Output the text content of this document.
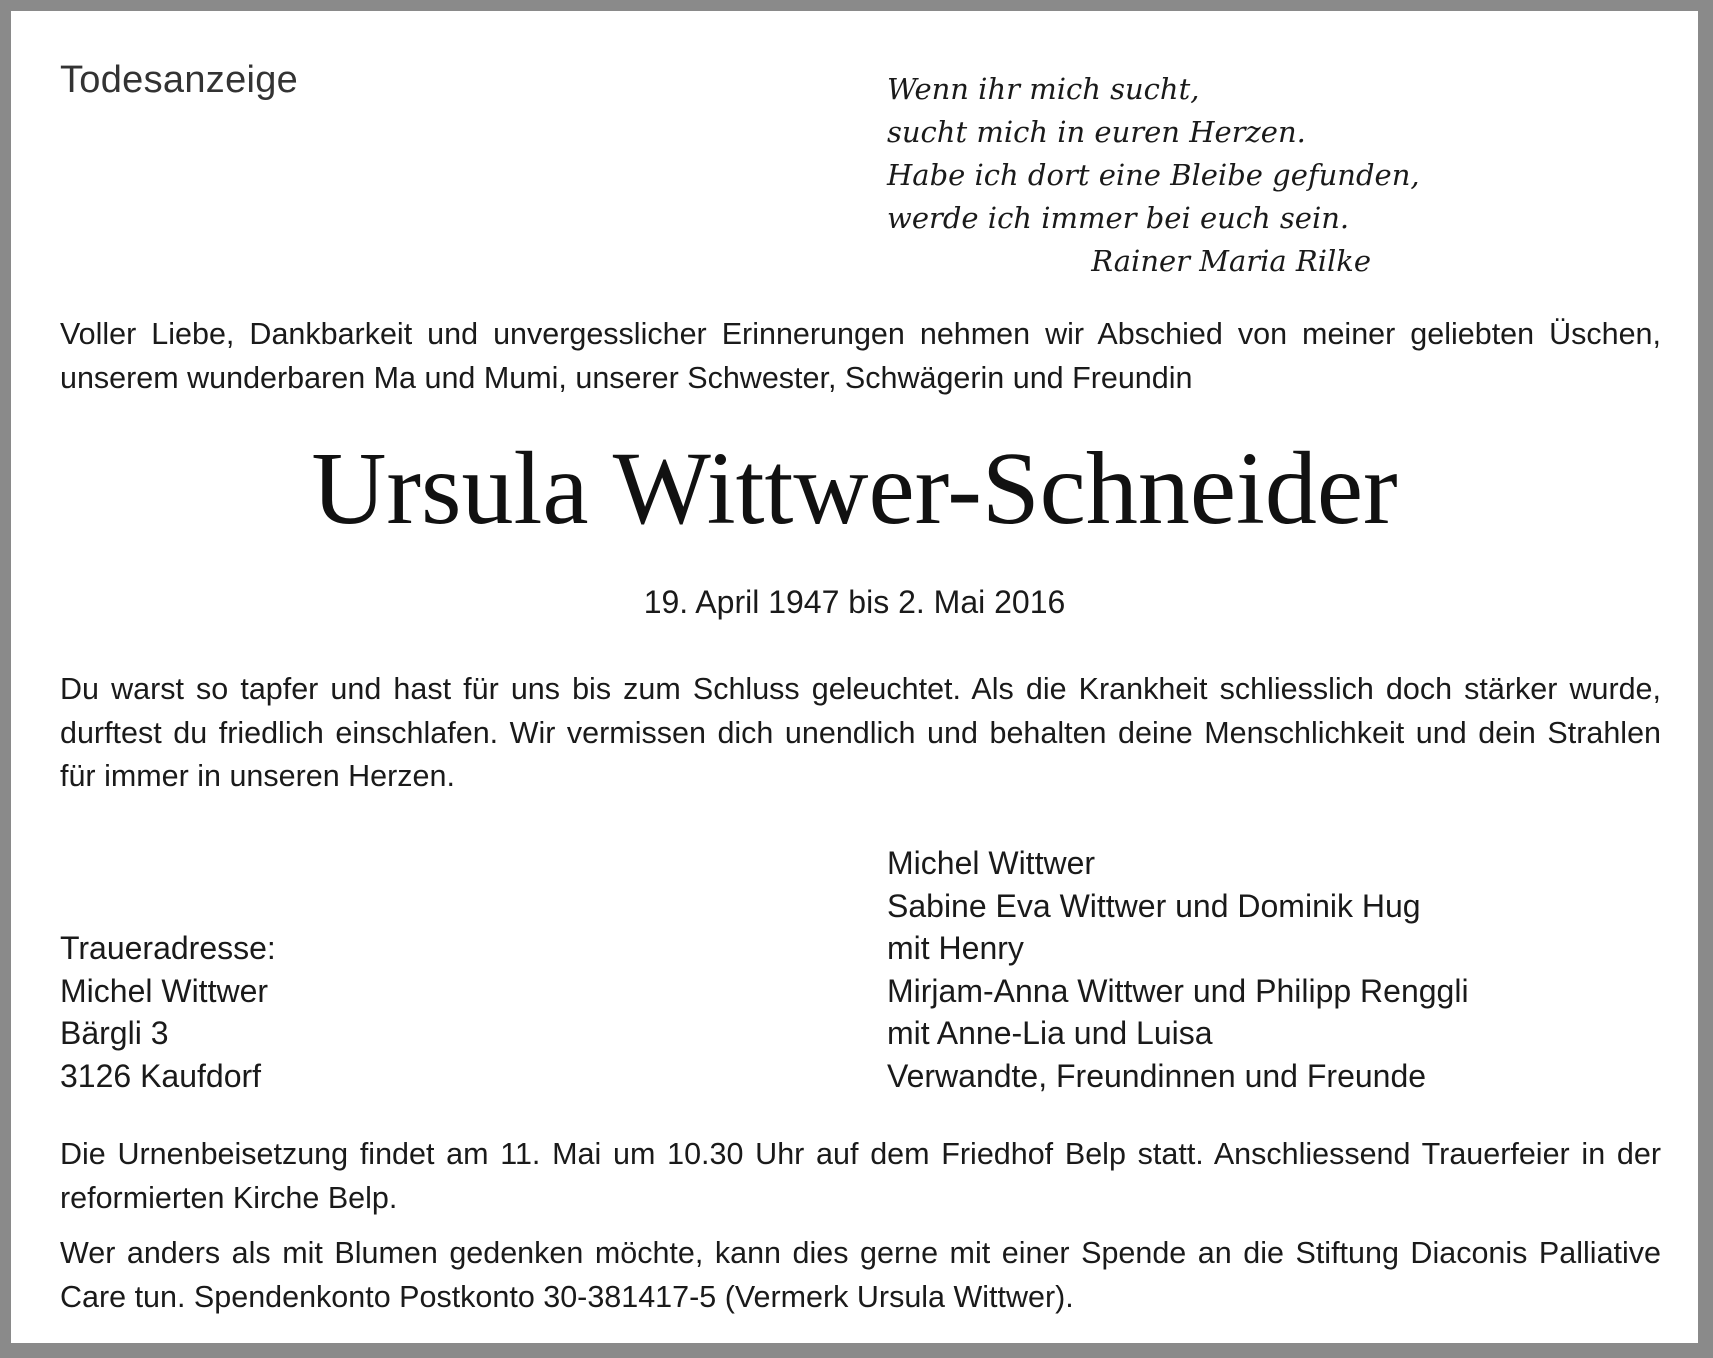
Todesanzeige	Wenn ihr mich sucht,
sucht mich in euren Herzen.
Habe ich dort eine Bleibe gefunden,
werde ich immer bei euch sein.
Rainer Maria Rilke
Voller Liebe, Dankbarkeit und unvergesslicher Erinnerungen nehmen wir Abschied von meiner geliebten Üschen, unserem wunderbaren Ma und Mumi, unserer Schwester, Schwägerin und Freundin
Ursula Wittwer-Schneider
19. April 1947 bis 2. Mai 2016
Du warst so tapfer und hast für uns bis zum Schluss geleuchtet. Als die Krankheit schliesslich doch stärker wurde, durftest du friedlich einschlafen. Wir vermissen dich unendlich und behalten deine Menschlichkeit und dein Strahlen für immer in unseren Herzen.
Michel Wittwer
Sabine Eva Wittwer und Dominik Hug
mit Henry
Mirjam-Anna Wittwer und Philipp Renggli
mit Anne-Lia und Luisa
Verwandte, Freundinnen und Freunde
Traueradresse:
Michel Wittwer
Bärgli 3
3126 Kaufdorf
Die Urnenbeisetzung findet am 11. Mai um 10.30 Uhr auf dem Friedhof Belp statt. Anschliessend Trauerfeier in der reformierten Kirche Belp.
Wer anders als mit Blumen gedenken möchte, kann dies gerne mit einer Spende an die Stiftung Diaconis Palliative Care tun. Spendenkonto Postkonto 30-381417-5 (Vermerk Ursula Wittwer).
